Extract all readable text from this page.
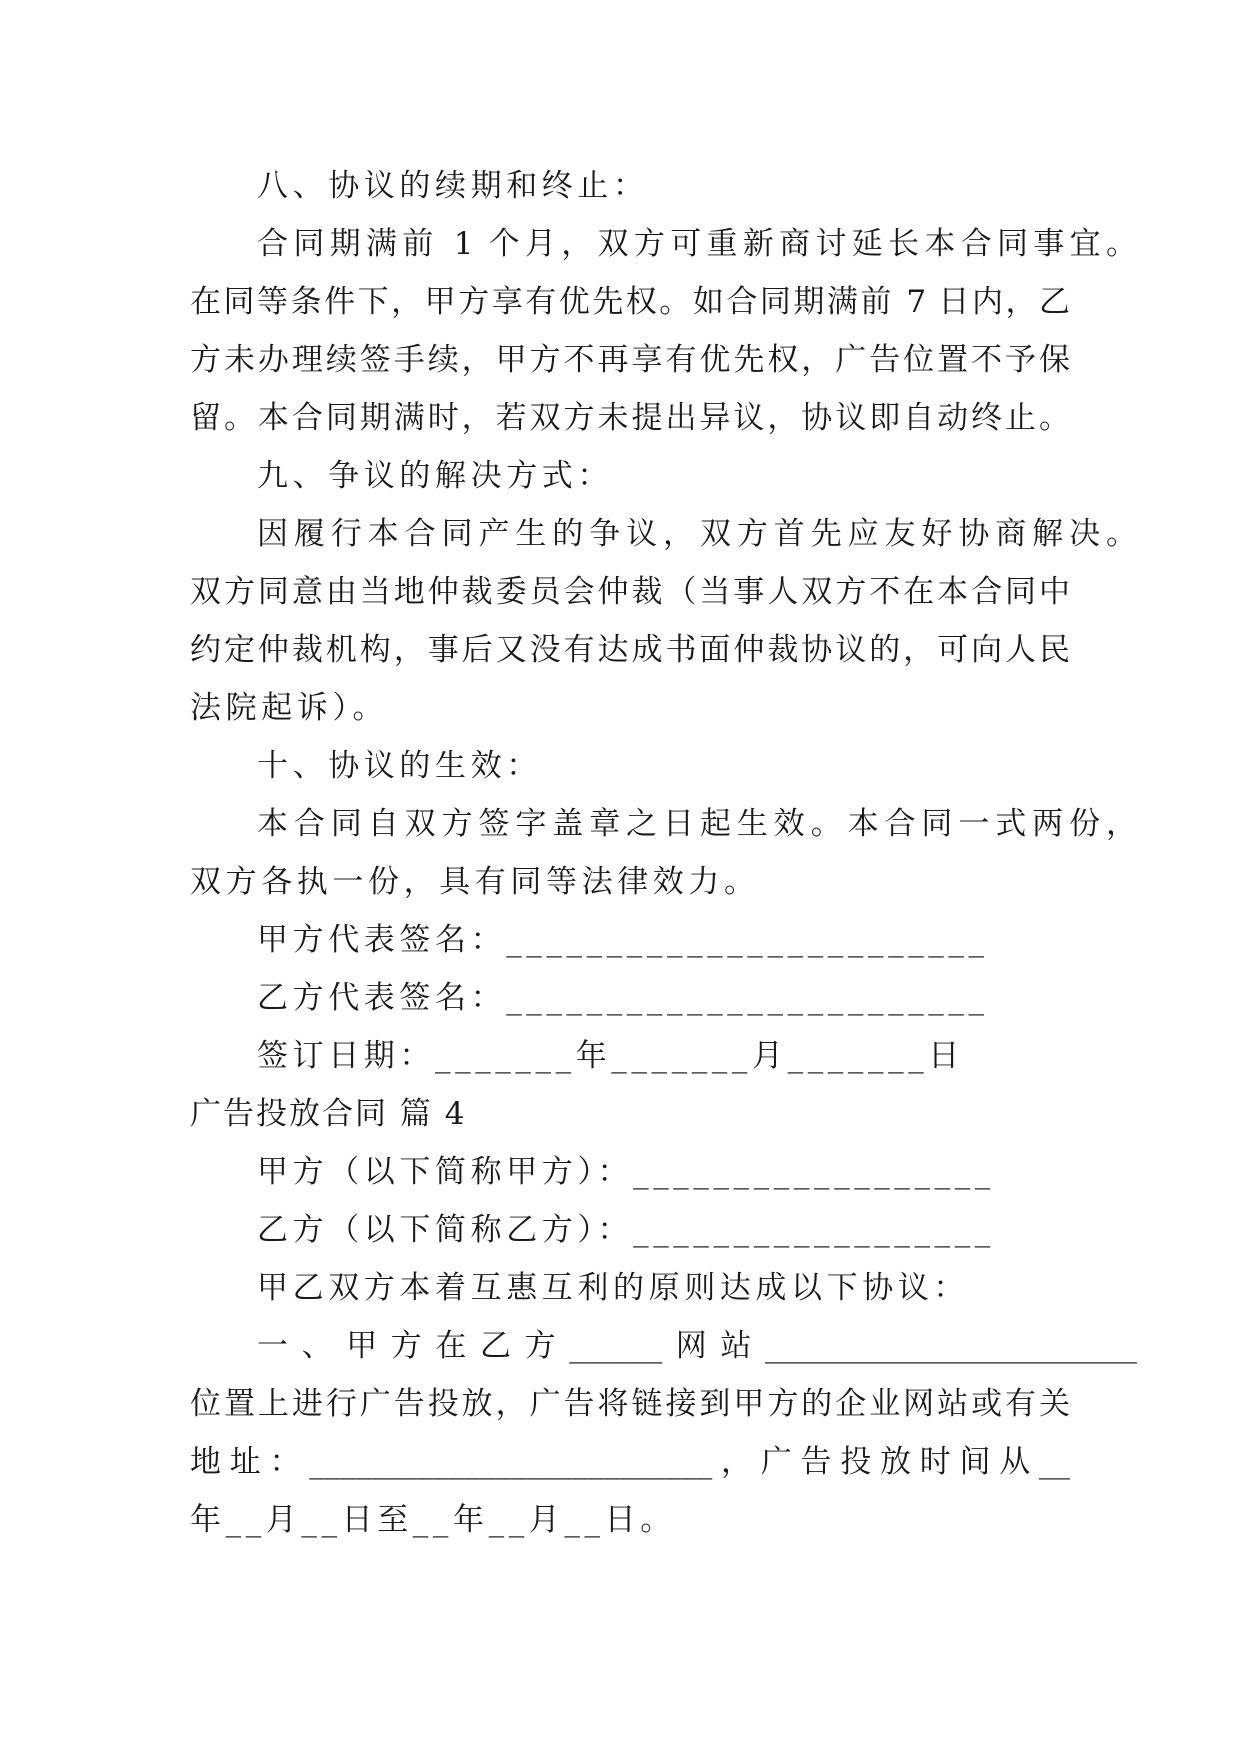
八、协议的续期和终止：
合同期满前 1 个月，双方可重新商讨延长本合同事宜。
在同等条件下，甲方享有优先权。如合同期满前 7 日内，乙
方未办理续签手续，甲方不再享有优先权，广告位置不予保
留。本合同期满时，若双方未提出异议，协议即自动终止。
九、争议的解决方式：
因履行本合同产生的争议，双方首先应友好协商解决。
双方同意由当地仲裁委员会仲裁（当事人双方不在本合同中
约定仲裁机构，事后又没有达成书面仲裁协议的，可向人民
法院起诉）。
十、协议的生效：
本合同自双方签字盖章之日起生效。本合同一式两份，
双方各执一份，具有同等法律效力。
甲方代表签名：________________________
乙方代表签名：________________________
签订日期：_______年_______月_______日
广告投放合同 篇 4
甲方（以下简称甲方）：__________________
乙方（以下简称乙方）：__________________
甲乙双方本着互惠互利的原则达成以下协议：
一、甲方在乙方______网站________________________
位置上进行广告投放，广告将链接到甲方的企业网站或有关
地址：__________________________，广告投放时间从__
年__月__日至__年__月__日。
